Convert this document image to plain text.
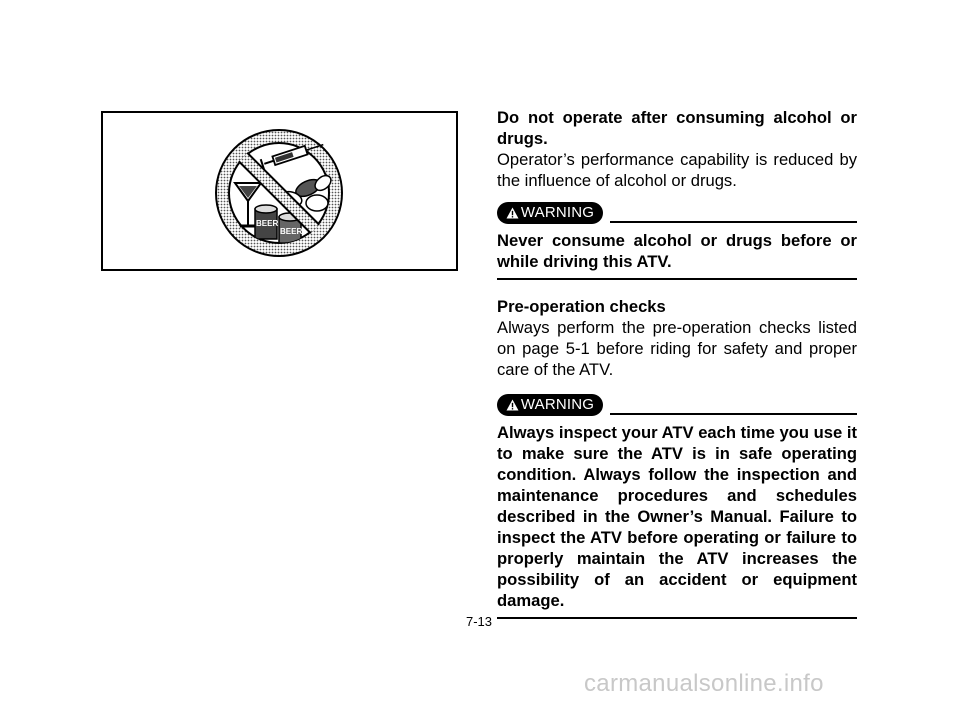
BEER
BEER

Do not operate after consuming alcohol or drugs.

Operator’s performance capability is reduced by the influence of alcohol or drugs.

WARNING

Never consume alcohol or drugs before or while driving this ATV.

Pre-operation checks

Always perform the pre-operation checks listed on page 5-1 before riding for safety and proper care of the ATV.

WARNING

Always inspect your ATV each time you use it to make sure the ATV is in safe operating condition. Always follow the inspection and maintenance procedures and schedules described in the Owner’s Manual. Failure to inspect the ATV before operating or failure to properly maintain the ATV increases the possibility of an accident or equipment damage.

7-13
carmanualsonline.info
